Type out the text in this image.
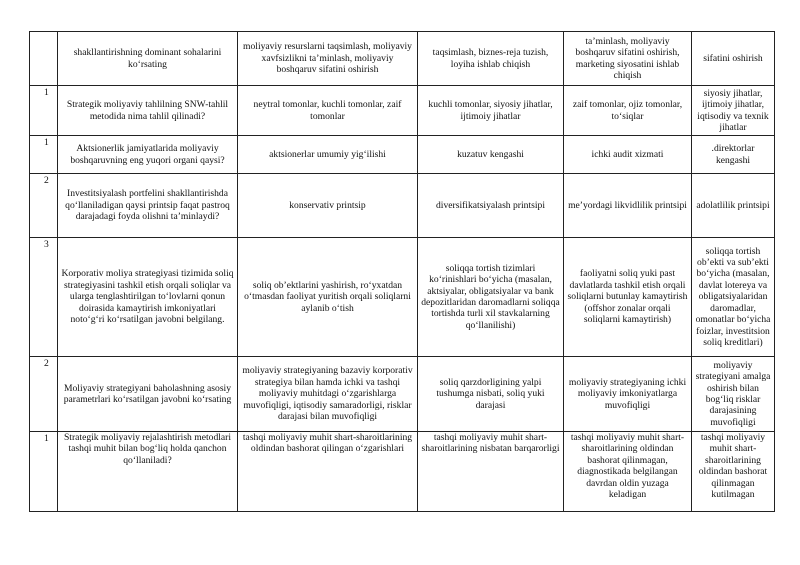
	shakllantirishning dominant sohalarini ko‘rsating	moliyaviy resurslarni taqsimlash, moliyaviy xavfsizlikni ta’minlash, moliyaviy boshqaruv sifatini oshirish	taqsimlash, biznes-reja tuzish, loyiha ishlab chiqish	ta’minlash, moliyaviy boshqaruv sifatini oshirish, marketing siyosatini ishlab chiqish	sifatini oshirish
1	Strategik moliyaviy tahlilning SNW-tahlil metodida nima tahlil qilinadi?	neytral tomonlar, kuchli tomonlar, zaif tomonlar	kuchli tomonlar, siyosiy jihatlar, ijtimoiy jihatlar	zaif tomonlar, ojiz tomonlar, to‘siqlar	siyosiy jihatlar, ijtimoiy jihatlar, iqtisodiy va texnik jihatlar
1	Aktsionerlik jamiyatlarida moliyaviy boshqaruvning eng yuqori organi qaysi?	aktsionerlar umumiy yig‘ilishi	kuzatuv kengashi	ichki audit xizmati	.direktorlar kengashi
2	Investitsiyalash portfelini shakllantirishda qo‘llaniladigan qaysi printsip faqat pastroq darajadagi foyda olishni ta’minlaydi?	konservativ printsip	diversifikatsiyalash printsipi	me’yordagi likvidlilik printsipi	adolatlilik printsipi
3	Korporativ moliya strategiyasi tizimida soliq strategiyasini tashkil etish orqali soliqlar va ularga tenglashtirilgan to‘lovlarni qonun doirasida kamaytirish imkoniyatlari noto‘g‘ri ko‘rsatilgan javobni belgilang.	soliq ob’ektlarini yashirish, ro‘yxatdan o‘tmasdan faoliyat yuritish orqali soliqlarni aylanib o‘tish	soliqqa tortish tizimlari ko‘rinishlari bo‘yicha (masalan, aktsiyalar, obligatsiyalar va bank depozitlaridan daromadlarni soliqqa tortishda turli xil stavkalarning qo‘llanilishi)	faoliyatni soliq yuki past davlatlarda tashkil etish orqali soliqlarni butunlay kamaytirish (offshor zonalar orqali soliqlarni kamaytirish)	soliqqa tortish ob’ekti va sub’ekti bo‘yicha (masalan, davlat lotereya va obligatsiyalaridan daromadlar, omonatlar bo‘yicha foizlar, investitsion soliq kreditlari)
2	Moliyaviy strategiyani baholashning asosiy parametrlari ko‘rsatilgan javobni ko‘rsating	moliyaviy strategiyaning bazaviy korporativ strategiya bilan hamda ichki va tashqi moliyaviy muhitdagi o‘zgarishlarga muvofiqligi, iqtisodiy samaradorligi, risklar darajasi bilan muvofiqligi	soliq qarzdorligining yalpi tushumga nisbati, soliq yuki darajasi	moliyaviy strategiyaning ichki moliyaviy imkoniyatlarga muvofiqligi	moliyaviy strategiyani amalga oshirish bilan bog‘liq risklar darajasining muvofiqligi
1	Strategik moliyaviy rejalashtirish metodlari tashqi muhit bilan bog‘liq holda qanchon qo‘llaniladi?	tashqi moliyaviy muhit shart-sharoitlarining oldindan bashorat qilingan o‘zgarishlari	tashqi moliyaviy muhit shart-sharoitlarining nisbatan barqarorligi	tashqi moliyaviy muhit shart-sharoitlarining oldindan bashorat qilinmagan, diagnostikada belgilangan davrdan oldin yuzaga keladigan	tashqi moliyaviy muhit shart-sharoitlarining oldindan bashorat qilinmagan kutilmagan
